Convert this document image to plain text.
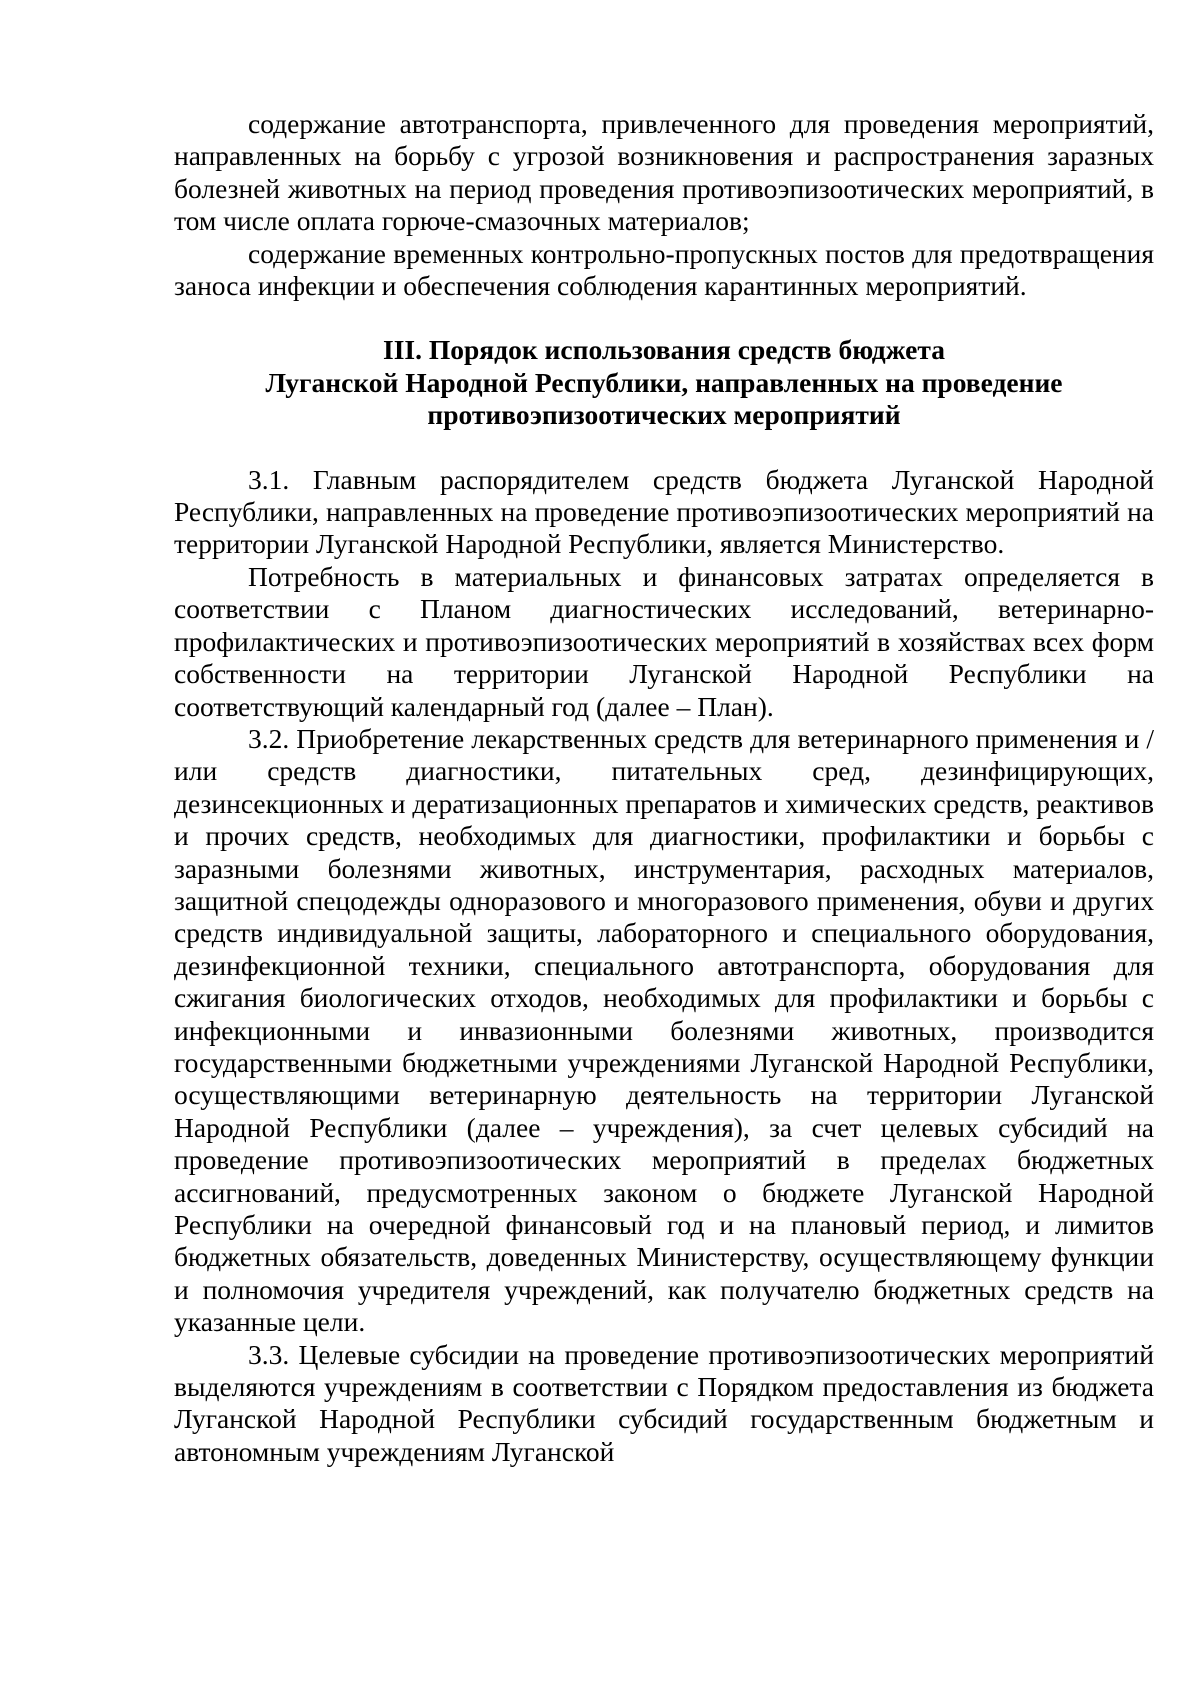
содержание автотранспорта, привлеченного для проведения мероприятий, направленных на борьбу с угрозой возникновения и распространения заразных болезней животных на период проведения противоэпизоотических мероприятий, в том числе оплата горюче-смазочных материалов;

содержание временных контрольно-пропускных постов для предотвращения заноса инфекции и обеспечения соблюдения карантинных мероприятий.

III. Порядок использования средств бюджета
Луганской Народной Республики, направленных на проведение
противоэпизоотических мероприятий

3.1. Главным распорядителем средств бюджета Луганской Народной Республики, направленных на проведение противоэпизоотических мероприятий на территории Луганской Народной Республики, является Министерство.

Потребность в материальных и финансовых затратах определяется в соответствии с Планом диагностических исследований, ветеринарно-профилактических и противоэпизоотических мероприятий в хозяйствах всех форм собственности на территории Луганской Народной Республики на соответствующий календарный год (далее – План).

3.2. Приобретение лекарственных средств для ветеринарного применения и / или средств диагностики, питательных сред, дезинфицирующих, дезинсекционных и дератизационных препаратов и химических средств, реактивов и прочих средств, необходимых для диагностики, профилактики и борьбы с заразными болезнями животных, инструментария, расходных материалов, защитной спецодежды одноразового и многоразового применения, обуви и других средств индивидуальной защиты, лабораторного и специального оборудования, дезинфекционной техники, специального автотранспорта, оборудования для сжигания биологических отходов, необходимых для профилактики и борьбы с инфекционными и инвазионными болезнями животных, производится государственными бюджетными учреждениями Луганской Народной Республики, осуществляющими ветеринарную деятельность на территории Луганской Народной Республики (далее – учреждения), за счет целевых субсидий на проведение противоэпизоотических мероприятий в пределах бюджетных ассигнований, предусмотренных законом о бюджете Луганской Народной Республики на очередной финансовый год и на плановый период, и лимитов бюджетных обязательств, доведенных Министерству, осуществляющему функции и полномочия учредителя учреждений, как получателю бюджетных средств на указанные цели.

3.3. Целевые субсидии на проведение противоэпизоотических мероприятий выделяются учреждениям в соответствии с Порядком предоставления из бюджета Луганской Народной Республики субсидий государственным бюджетным и автономным учреждениям Луганской
